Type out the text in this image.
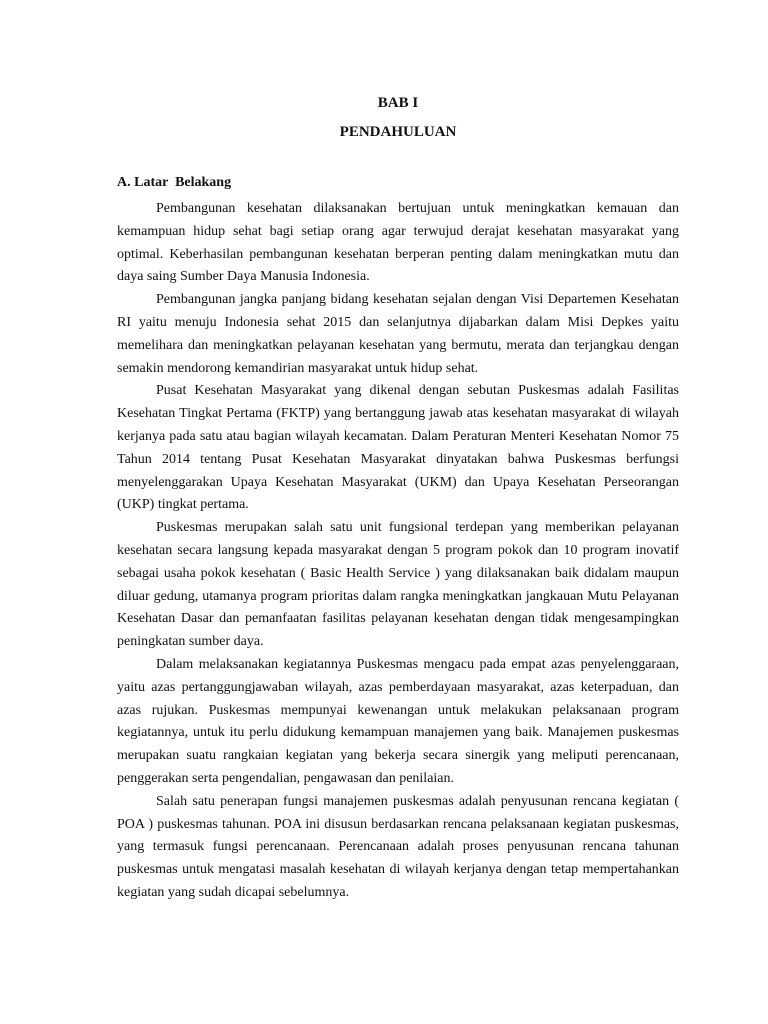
BAB I
PENDAHULUAN
A. Latar  Belakang

Pembangunan kesehatan dilaksanakan bertujuan untuk meningkatkan kemauan dan kemampuan hidup sehat bagi setiap orang agar terwujud derajat kesehatan masyarakat yang optimal. Keberhasilan pembangunan kesehatan berperan penting dalam meningkatkan mutu dan daya saing Sumber Daya Manusia Indonesia.

Pembangunan jangka panjang bidang kesehatan sejalan dengan Visi Departemen Kesehatan RI yaitu menuju Indonesia sehat 2015 dan selanjutnya dijabarkan dalam Misi Depkes yaitu memelihara dan meningkatkan pelayanan kesehatan yang bermutu, merata dan terjangkau dengan semakin mendorong kemandirian masyarakat untuk hidup sehat.

Pusat Kesehatan Masyarakat yang dikenal dengan sebutan Puskesmas adalah Fasilitas Kesehatan Tingkat Pertama (FKTP) yang bertanggung jawab atas kesehatan masyarakat di wilayah kerjanya pada satu atau bagian wilayah kecamatan. Dalam Peraturan Menteri Kesehatan Nomor 75 Tahun 2014 tentang Pusat Kesehatan Masyarakat dinyatakan bahwa Puskesmas berfungsi menyelenggarakan Upaya Kesehatan Masyarakat (UKM) dan Upaya Kesehatan Perseorangan (UKP) tingkat pertama.

Puskesmas merupakan salah satu unit fungsional terdepan yang memberikan pelayanan kesehatan secara langsung kepada masyarakat dengan 5 program pokok dan 10 program inovatif sebagai usaha pokok kesehatan ( Basic Health Service ) yang dilaksanakan baik didalam maupun diluar gedung, utamanya program prioritas dalam rangka meningkatkan jangkauan Mutu Pelayanan Kesehatan Dasar dan pemanfaatan fasilitas pelayanan kesehatan dengan tidak mengesampingkan peningkatan sumber daya.

Dalam melaksanakan kegiatannya Puskesmas mengacu pada empat azas penyelenggaraan, yaitu azas pertanggungjawaban wilayah, azas pemberdayaan masyarakat, azas keterpaduan, dan azas rujukan. Puskesmas mempunyai kewenangan untuk melakukan pelaksanaan program kegiatannya, untuk itu perlu didukung kemampuan manajemen yang baik. Manajemen puskesmas merupakan suatu rangkaian kegiatan yang bekerja secara sinergik yang meliputi perencanaan, penggerakan serta pengendalian, pengawasan dan penilaian.

Salah satu penerapan fungsi manajemen puskesmas adalah penyusunan rencana kegiatan ( POA ) puskesmas tahunan. POA ini disusun berdasarkan rencana pelaksanaan kegiatan puskesmas, yang termasuk fungsi perencanaan. Perencanaan adalah proses penyusunan rencana tahunan puskesmas untuk mengatasi masalah kesehatan di wilayah kerjanya dengan tetap mempertahankan kegiatan yang sudah dicapai sebelumnya.
